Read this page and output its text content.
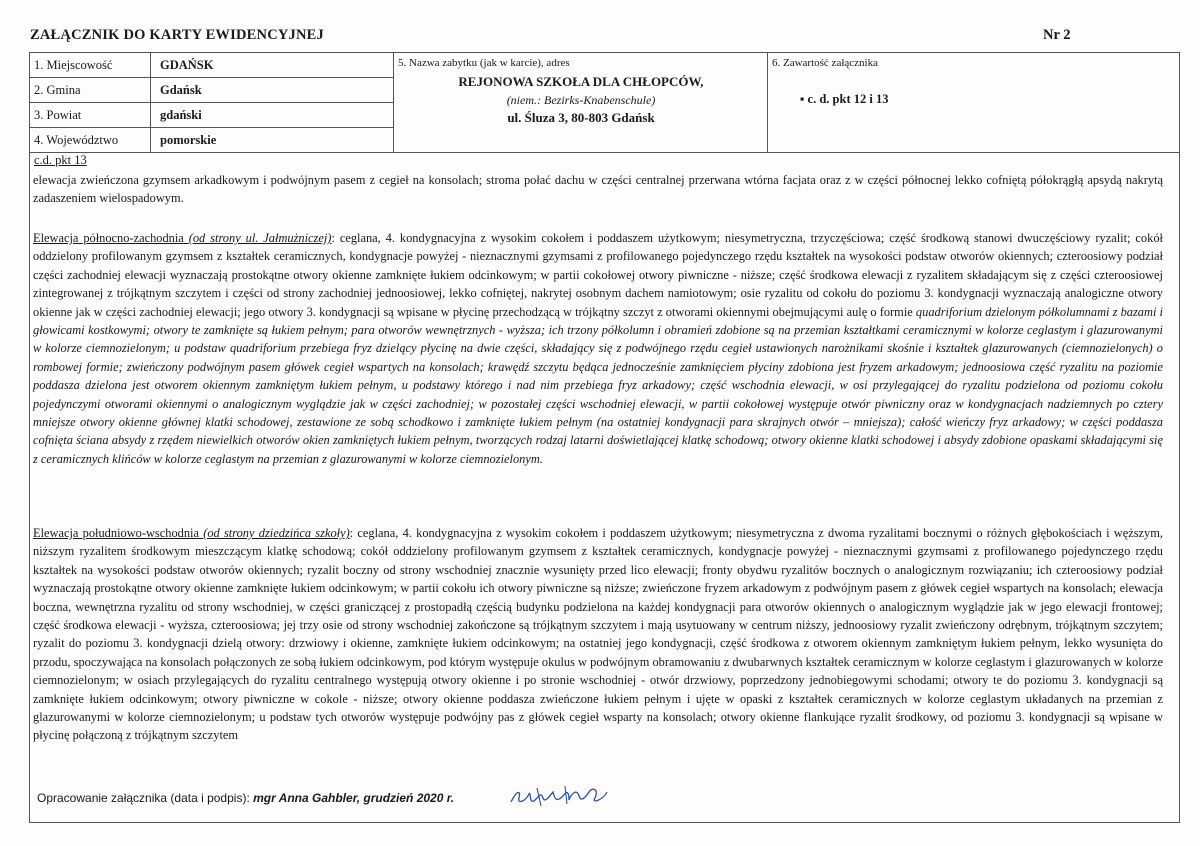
ZAŁĄCZNIK DO KARTY EWIDENCYJNEJ	Nr 2
1. Miejscowość	GDAŃSK
2. Gmina	Gdańsk
3. Powiat	gdański
4. Województwo	pomorskie
5. Nazwa zabytku (jak w karcie), adres
REJONOWA SZKOŁA DLA CHŁOPCÓW,
(niem.: Bezirks-Knabenschule)
ul. Śluza 3, 80-803 Gdańsk
6. Zawartość załącznika
▪ c. d. pkt 12 i 13
c.d. pkt 13
elewacja zwieńczona gzymsem arkadkowym i podwójnym pasem z cegieł na konsolach; stroma połać dachu w części centralnej przerwana wtórna facjata oraz z w części północnej lekko cofniętą półokrągłą apsydą nakrytą zadaszeniem wielospadowym.
Elewacja północno-zachodnia (od strony ul. Jałmużniczej): ceglana, 4. kondygnacyjna z wysokim cokołem i poddaszem użytkowym; niesymetryczna, trzyczęściowa; część środkową stanowi dwuczęściowy ryzalit; cokół oddzielony profilowanym gzymsem z kształtek ceramicznych, kondygnacje powyżej - nieznacznymi gzymsami z profilowanego pojedynczego rzędu kształtek na wysokości podstaw otworów okiennych; czteroosiowy podział części zachodniej elewacji wyznaczają prostokątne otwory okienne zamknięte łukiem odcinkowym; w partii cokołowej otwory piwniczne - niższe; część środkowa elewacji z ryzalitem składającym się z części czteroosiowej zintegrowanej z trójkątnym szczytem i części od strony zachodniej jednoosiowej, lekko cofniętej, nakrytej osobnym dachem namiotowym; osie ryzalitu od cokołu do poziomu 3. kondygnacji wyznaczają analogiczne otwory okienne jak w części zachodniej elewacji; jego otwory 3. kondygnacji są wpisane w płycinę przechodzącą w trójkątny szczyt z otworami okiennymi obejmującymi aulę o formie quadriforium dzielonym półkolumnami z bazami i głowicami kostkowymi; otwory te zamknięte są łukiem pełnym; para otworów wewnętrznych - wyższa; ich trzony półkolumn i obramień zdobione są na przemian kształtkami ceramicznymi w kolorze ceglastym i glazurowanymi w kolorze ciemnozielonym; u podstaw quadriforium przebiega fryz dzielący płycinę na dwie części, składający się z podwójnego rzędu cegieł ustawionych narożnikami skośnie i kształtek glazurowanych (ciemnozielonych) o rombowej formie; zwieńczony podwójnym pasem główek cegieł wspartych na konsolach; krawędź szczytu będąca jednocześnie zamknięciem płyciny zdobiona jest fryzem arkadowym; jednoosiowa część ryzalitu na poziomie poddasza dzielona jest otworem okiennym zamkniętym łukiem pełnym, u podstawy którego i nad nim przebiega fryz arkadowy; część wschodnia elewacji, w osi przylegającej do ryzalitu podzielona od poziomu cokołu pojedynczymi otworami okiennymi o analogicznym wyglądzie jak w części zachodniej; w pozostałej części wschodniej elewacji, w partii cokołowej występuje otwór piwniczny oraz w kondygnacjach nadziemnych po cztery mniejsze otwory okienne głównej klatki schodowej, zestawione ze sobą schodkowo i zamknięte łukiem pełnym (na ostatniej kondygnacji para skrajnych otwór – mniejsza); całość wieńczy fryz arkadowy; w części poddasza cofnięta ściana absydy z rzędem niewielkich otworów okien zamkniętych łukiem pełnym, tworzących rodzaj latarni doświetlającej klatkę schodową; otwory okienne klatki schodowej i absydy zdobione opaskami składającymi się z ceramicznych klińców w kolorze ceglastym na przemian z glazurowanymi w kolorze ciemnozielonym.
Elewacja południowo-wschodnia (od strony dziedzińca szkoły): ceglana, 4. kondygnacyjna z wysokim cokołem i poddaszem użytkowym; niesymetryczna z dwoma ryzalitami bocznymi o różnych głębokościach i węższym, niższym ryzalitem środkowym mieszczącym klatkę schodową; cokół oddzielony profilowanym gzymsem z kształtek ceramicznych, kondygnacje powyżej - nieznacznymi gzymsami z profilowanego pojedynczego rzędu kształtek na wysokości podstaw otworów okiennych; ryzalit boczny od strony wschodniej znacznie wysunięty przed lico elewacji; fronty obydwu ryzalitów bocznych o analogicznym rozwiązaniu; ich czteroosiowy podział wyznaczają prostokątne otwory okienne zamknięte łukiem odcinkowym; w partii cokołu ich otwory piwniczne są niższe; zwieńczone fryzem arkadowym z podwójnym pasem z główek cegieł wspartych na konsolach; elewacja boczna, wewnętrzna ryzalitu od strony wschodniej, w części graniczącej z prostopadłą częścią budynku podzielona na każdej kondygnacji para otworów okiennych o analogicznym wyglądzie jak w jego elewacji frontowej; część środkowa elewacji - wyższa, czteroosiowa; jej trzy osie od strony wschodniej zakończone są trójkątnym szczytem i mają usytuowany w centrum niższy, jednoosiowy ryzalit zwieńczony odrębnym, trójkątnym szczytem; ryzalit do poziomu 3. kondygnacji dzielą otwory: drzwiowy i okienne, zamknięte łukiem odcinkowym; na ostatniej jego kondygnacji, część środkowa z otworem okiennym zamkniętym łukiem pełnym, lekko wysunięta do przodu, spoczywająca na konsolach połączonych ze sobą łukiem odcinkowym, pod którym występuje okulus w podwójnym obramowaniu z dwubarwnych kształtek ceramicznym w kolorze ceglastym i glazurowanych w kolorze ciemnozielonym; w osiach przylegających do ryzalitu centralnego występują otwory okienne i po stronie wschodniej - otwór drzwiowy, poprzedzony jednobiegowymi schodami; otwory te do poziomu 3. kondygnacji są zamknięte łukiem odcinkowym; otwory piwniczne w cokole - niższe; otwory okienne poddasza zwieńczone łukiem pełnym i ujęte w opaski z kształtek ceramicznych w kolorze ceglastym układanych na przemian z glazurowanymi w kolorze ciemnozielonym; u podstaw tych otworów występuje podwójny pas z główek cegieł wsparty na konsolach; otwory okienne flankujące ryzalit środkowy, od poziomu 3. kondygnacji są wpisane w płycinę połączoną z trójkątnym szczytem
Opracowanie załącznika (data i podpis): mgr Anna Gahbler, grudzień 2020 r.
